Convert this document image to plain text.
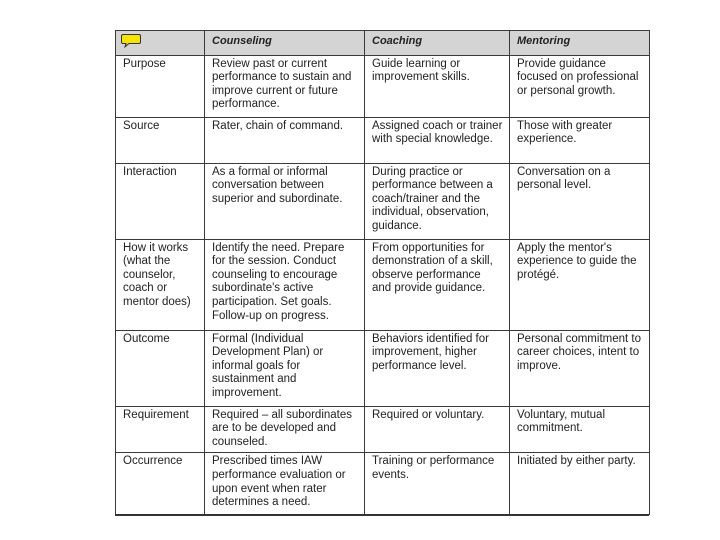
	Counseling	Coaching	Mentoring
Purpose	Review past or current performance to sustain and improve current or future performance.	Guide learning or improvement skills.	Provide guidance focused on professional or personal growth.
Source	Rater, chain of command.	Assigned coach or trainer with special knowledge.	Those with greater experience.
Interaction	As a formal or informal conversation between superior and subordinate.	During practice or performance between a coach/trainer and the individual, observation, guidance.	Conversation on a personal level.
How it works (what the counselor, coach or mentor does)	Identify the need. Prepare for the session. Conduct counseling to encourage subordinate's active participation. Set goals. Follow-up on progress.	From opportunities for demonstration of a skill, observe performance and provide guidance.	Apply the mentor's experience to guide the protégé.
Outcome	Formal (Individual Development Plan) or informal goals for sustainment and improvement.	Behaviors identified for improvement, higher performance level.	Personal commitment to career choices, intent to improve.
Requirement	Required – all subordinates are to be developed and counseled.	Required or voluntary.	Voluntary, mutual commitment.
Occurrence	Prescribed times IAW performance evaluation or upon event when rater determines a need.	Training or performance events.	Initiated by either party.
